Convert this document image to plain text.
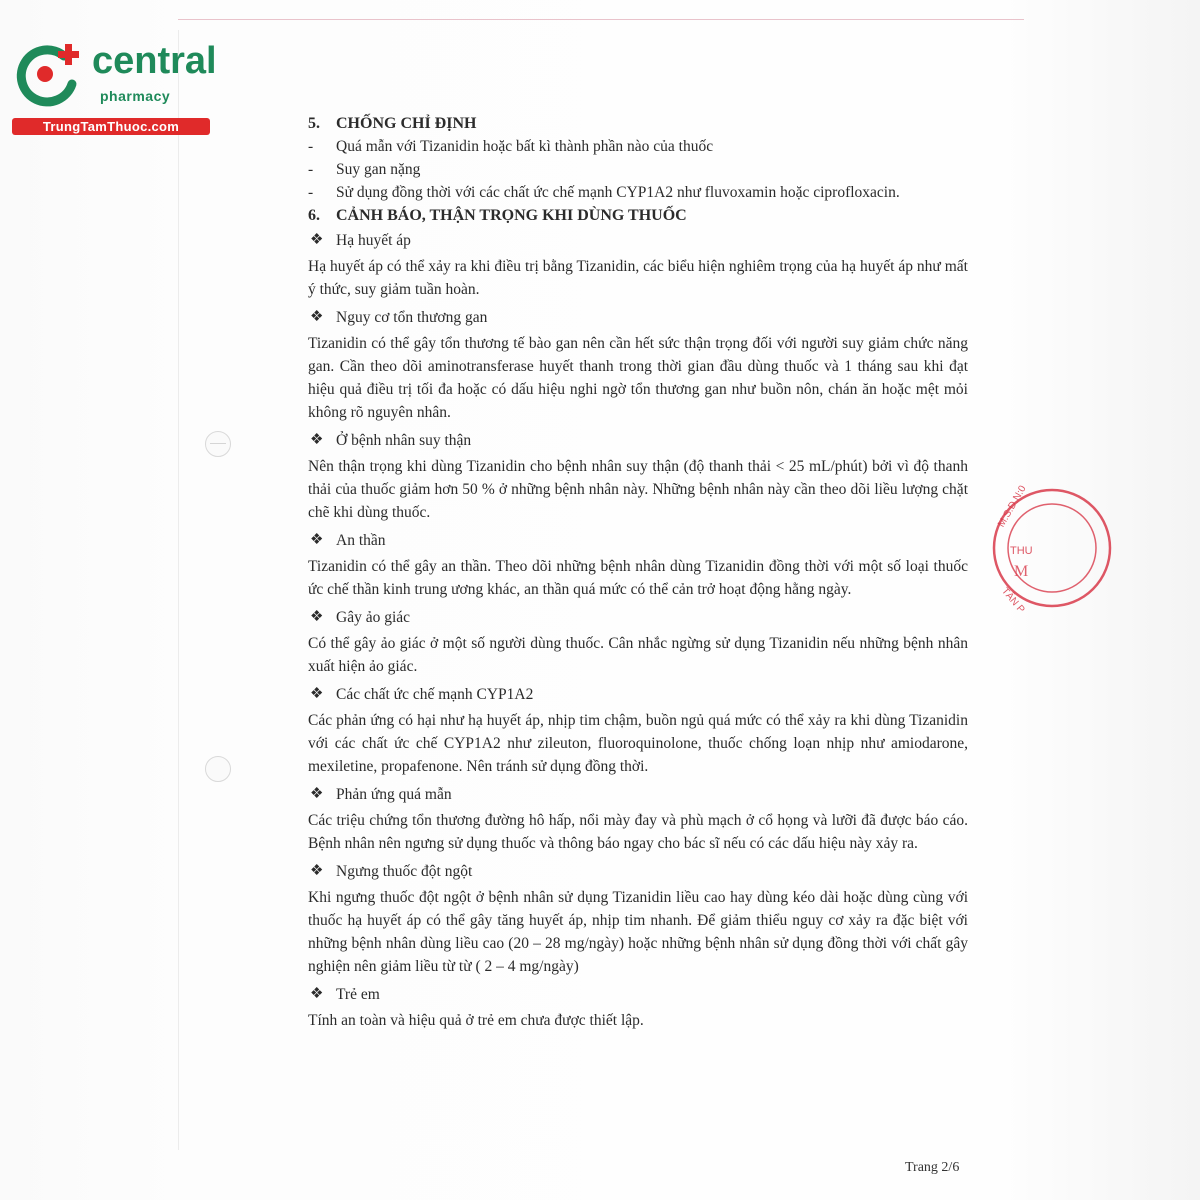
central
pharmacy
TrungTamThuoc.com
M.S.D.N:0
THU
M
TÂN P
5. CHỐNG CHỈ ĐỊNH
-	Quá mẫn với Tizanidin hoặc bất kì thành phần nào của thuốc
-	Suy gan nặng
-	Sử dụng đồng thời với các chất ức chế mạnh CYP1A2 như fluvoxamin hoặc ciprofloxacin.
6. CẢNH BÁO, THẬN TRỌNG KHI DÙNG THUỐC
❖ Hạ huyết áp

Hạ huyết áp có thể xảy ra khi điều trị bằng Tizanidin, các biểu hiện nghiêm trọng của hạ huyết áp như mất ý thức, suy giảm tuần hoàn.

❖ Nguy cơ tổn thương gan

Tizanidin có thể gây tổn thương tế bào gan nên cần hết sức thận trọng đối với người suy giảm chức năng gan. Cần theo dõi aminotransferase huyết thanh trong thời gian đầu dùng thuốc và 1 tháng sau khi đạt hiệu quả điều trị tối đa hoặc có dấu hiệu nghi ngờ tổn thương gan như buồn nôn, chán ăn hoặc mệt mỏi không rõ nguyên nhân.

❖ Ở bệnh nhân suy thận

Nên thận trọng khi dùng Tizanidin cho bệnh nhân suy thận (độ thanh thải < 25 mL/phút) bởi vì độ thanh thải của thuốc giảm hơn 50 % ở những bệnh nhân này. Những bệnh nhân này cần theo dõi liều lượng chặt chẽ khi dùng thuốc.

❖ An thần

Tizanidin có thể gây an thần. Theo dõi những bệnh nhân dùng Tizanidin đồng thời với một số loại thuốc ức chế thần kinh trung ương khác, an thần quá mức có thể cản trở hoạt động hằng ngày.

❖ Gây ảo giác

Có thể gây ảo giác ở một số người dùng thuốc. Cân nhắc ngừng sử dụng Tizanidin nếu những bệnh nhân xuất hiện ảo giác.

❖ Các chất ức chế mạnh CYP1A2

Các phản ứng có hại như hạ huyết áp, nhịp tim chậm, buồn ngủ quá mức có thể xảy ra khi dùng Tizanidin với các chất ức chế CYP1A2 như zileuton, fluoroquinolone, thuốc chống loạn nhịp như amiodarone, mexiletine, propafenone. Nên tránh sử dụng đồng thời.

❖ Phản ứng quá mẫn

Các triệu chứng tổn thương đường hô hấp, nổi mày đay và phù mạch ở cổ họng và lưỡi đã được báo cáo. Bệnh nhân nên ngưng sử dụng thuốc và thông báo ngay cho bác sĩ nếu có các dấu hiệu này xảy ra.

❖ Ngưng thuốc đột ngột

Khi ngưng thuốc đột ngột ở bệnh nhân sử dụng Tizanidin liều cao hay dùng kéo dài hoặc dùng cùng với thuốc hạ huyết áp có thể gây tăng huyết áp, nhịp tim nhanh. Để giảm thiểu nguy cơ xảy ra đặc biệt với những bệnh nhân dùng liều cao (20 – 28 mg/ngày) hoặc những bệnh nhân sử dụng đồng thời với chất gây nghiện nên giảm liều từ từ ( 2 – 4 mg/ngày)

❖ Trẻ em

Tính an toàn và hiệu quả ở trẻ em chưa được thiết lập.

Trang 2/6
